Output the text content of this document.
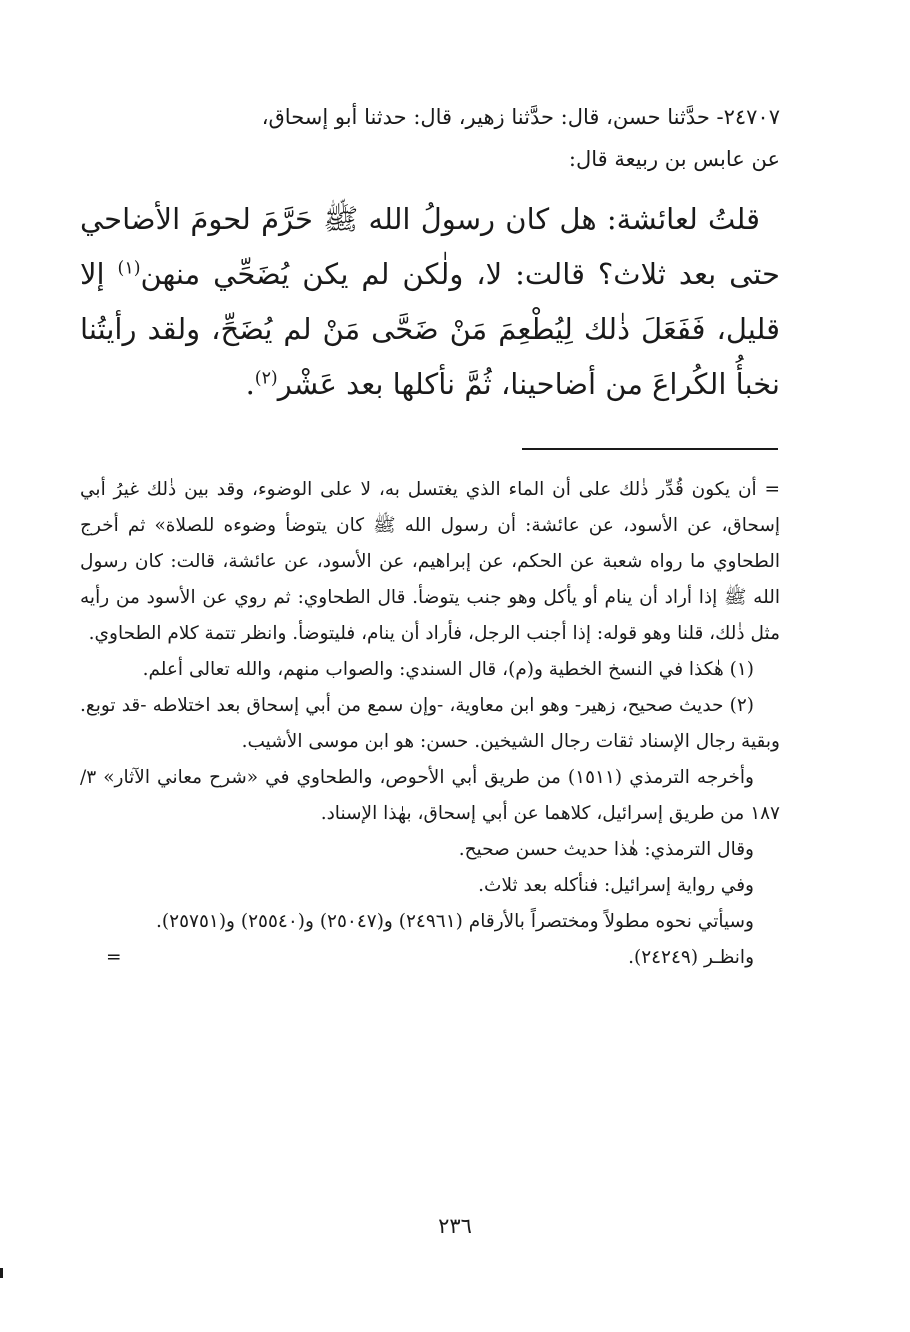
٢٤٧٠٧- حدَّثنا حسن، قال: حدَّثنا زهير، قال: حدثنا أبو إسحاق،
عن عابس بن ربيعة قال:
قلتُ لعائشة: هل كان رسولُ الله ﷺ حَرَّمَ لحومَ الأضاحي حتى بعد ثلاث؟ قالت: لا، ولٰكن لم يكن يُضَحِّي منهن$^{(١)}$ إلا قليل، فَفَعَلَ ذٰلك لِيُطْعِمَ مَنْ ضَحَّى مَنْ لم يُضَحِّ، ولقد رأيتُنا نخبأُ الكُراعَ من أضاحينا، ثُمَّ نأكلها بعد عَشْر$^{(٢)}$.

= أن يكون قُدِّر ذٰلك على أن الماء الذي يغتسل به، لا على الوضوء، وقد بين ذٰلك غيرُ أبي إسحاق، عن الأسود، عن عائشة: أن رسول الله ﷺ كان يتوضأ وضوءه للصلاة» ثم أخرج الطحاوي ما رواه شعبة عن الحكم، عن إبراهيم، عن الأسود، عن عائشة، قالت: كان رسول الله ﷺ إذا أراد أن ينام أو يأكل وهو جنب يتوضأ. قال الطحاوي: ثم روي عن الأسود من رأيه مثل ذٰلك، قلنا وهو قوله: إذا أجنب الرجل، فأراد أن ينام، فليتوضأ. وانظر تتمة كلام الطحاوي.

(١) هٰكذا في النسخ الخطية و(م)، قال السندي: والصواب منهم، والله تعالى أعلم.

(٢) حديث صحيح، زهير- وهو ابن معاوية، -وإن سمع من أبي إسحاق بعد اختلاطه -قد توبع. وبقية رجال الإسناد ثقات رجال الشيخين. حسن: هو ابن موسى الأشيب.

وأخرجه الترمذي (١٥١١) من طريق أبي الأحوص، والطحاوي في «شرح معاني الآثار» ٣/ ١٨٧ من طريق إسرائيل، كلاهما عن أبي إسحاق، بهٰذا الإسناد.

وقال الترمذي: هٰذا حديث حسن صحيح.

وفي رواية إسرائيل: فنأكله بعد ثلاث.

وسيأتي نحوه مطولاً ومختصراً بالأرقام (٢٤٩٦١) و(٢٥٠٤٧) و(٢٥٥٤٠) و(٢٥٧٥١).

وانظـر (٢٤٢٤٩).
=

٢٣٦
